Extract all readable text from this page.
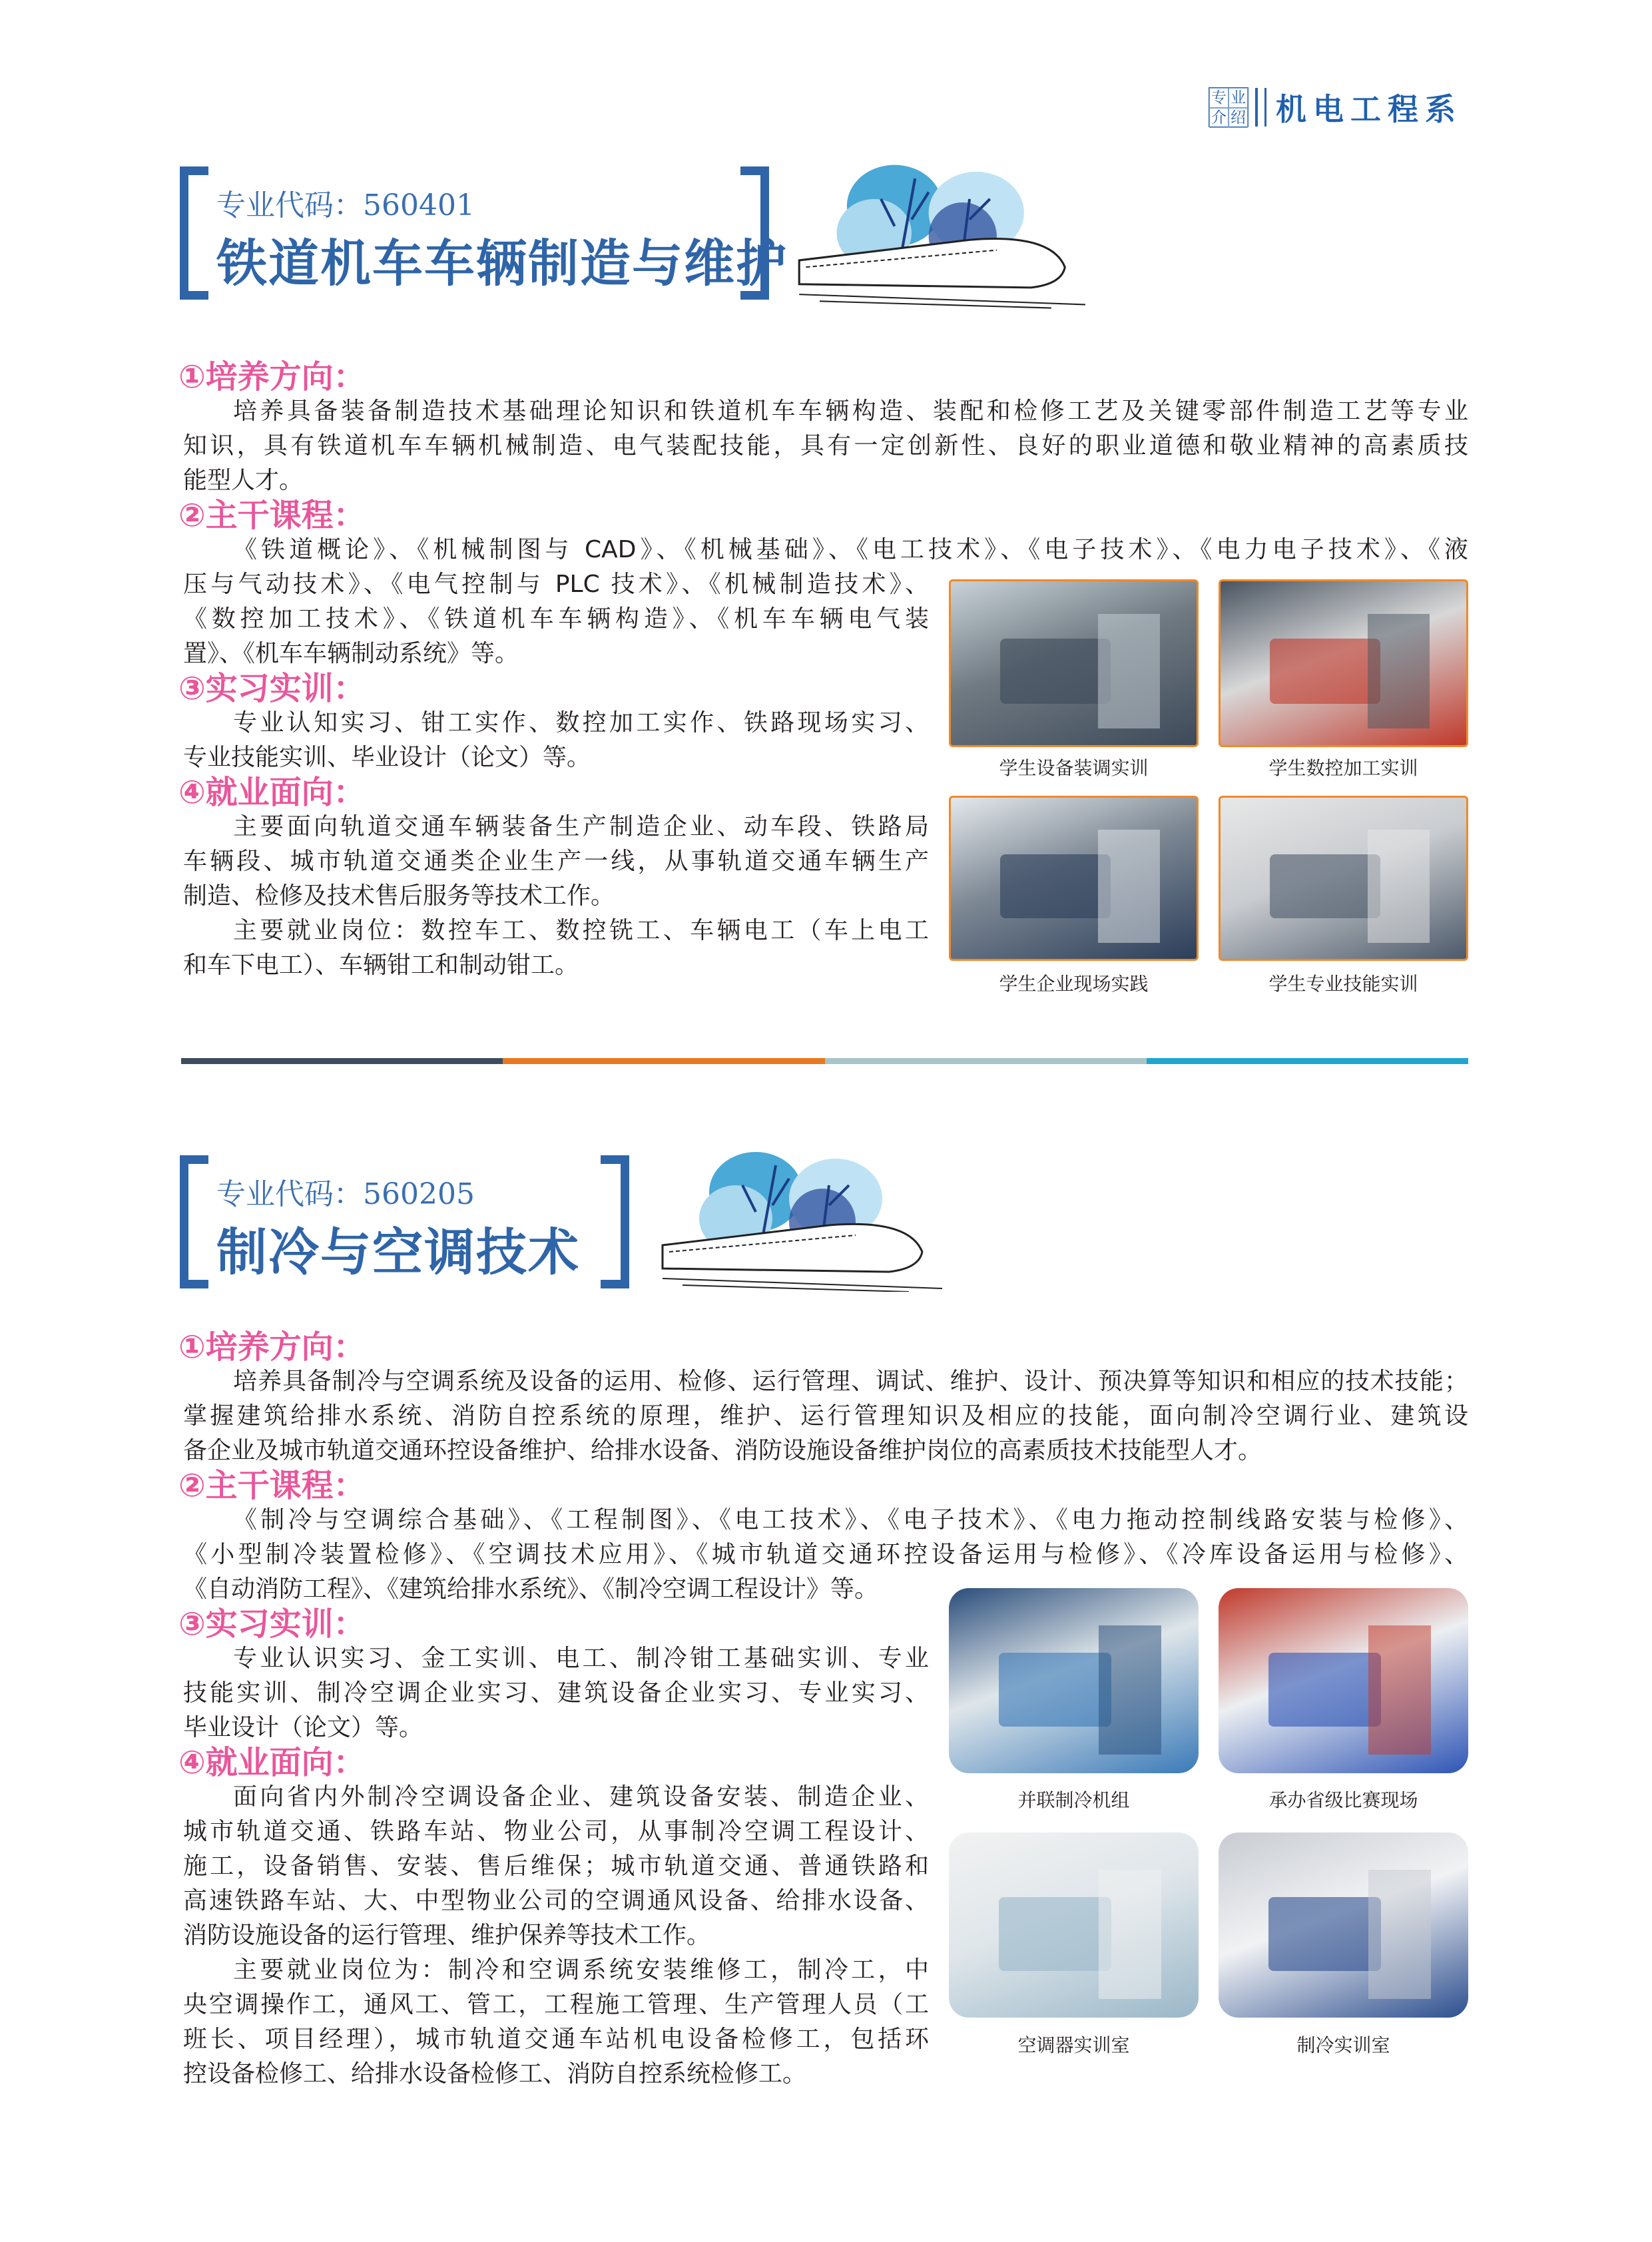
专 业
介 绍 机电工程系
专业代码：560401
铁道机车车辆制造与维护
①培养方向：
培养具备装备制造技术基础理论知识和铁道机车车辆构造、装配和检修工艺及关键零部件制造工艺等专业
知识，具有铁道机车车辆机械制造、电气装配技能，具有一定创新性、良好的职业道德和敬业精神的高素质技
能型人才。
②主干课程：
《铁道概论》、《机械制图与 CAD》、《机械基础》、《电工技术》、《电子技术》、《电力电子技术》、《液
压与气动技术》、《电气控制与 PLC 技术》、《机械制造技术》、
《数控加工技术》、《铁道机车车辆构造》、《机车车辆电气装
置》、《机车车辆制动系统》等。
③实习实训：
专业认知实习、钳工实作、数控加工实作、铁路现场实习、
专业技能实训、毕业设计（论文）等。
④就业面向：
主要面向轨道交通车辆装备生产制造企业、动车段、铁路局
车辆段、城市轨道交通类企业生产一线，从事轨道交通车辆生产
制造、检修及技术售后服务等技术工作。
主要就业岗位：数控车工、数控铣工、车辆电工（车上电工
和车下电工）、车辆钳工和制动钳工。
学生设备装调实训	学生数控加工实训
学生企业现场实践	学生专业技能实训
专业代码：560205
制冷与空调技术
①培养方向：
培养具备制冷与空调系统及设备的运用、检修、运行管理、调试、维护、设计、预决算等知识和相应的技术技能；
掌握建筑给排水系统、消防自控系统的原理，维护、运行管理知识及相应的技能，面向制冷空调行业、建筑设
备企业及城市轨道交通环控设备维护、给排水设备、消防设施设备维护岗位的高素质技术技能型人才。
②主干课程：
《制冷与空调综合基础》、《工程制图》、《电工技术》、《电子技术》、《电力拖动控制线路安装与检修》、
《小型制冷装置检修》、《空调技术应用》、《城市轨道交通环控设备运用与检修》、《冷库设备运用与检修》、
《自动消防工程》、《建筑给排水系统》、《制冷空调工程设计》等。
③实习实训：
专业认识实习、金工实训、电工、制冷钳工基础实训、专业
技能实训、制冷空调企业实习、建筑设备企业实习、专业实习、
毕业设计（论文）等。
④就业面向：
面向省内外制冷空调设备企业、建筑设备安装、制造企业、
城市轨道交通、铁路车站、物业公司，从事制冷空调工程设计、
施工，设备销售、安装、售后维保；城市轨道交通、普通铁路和
高速铁路车站、大、中型物业公司的空调通风设备、给排水设备、
消防设施设备的运行管理、维护保养等技术工作。
主要就业岗位为：制冷和空调系统安装维修工，制冷工，中
央空调操作工，通风工、管工，工程施工管理、生产管理人员（工
班长、项目经理），城市轨道交通车站机电设备检修工，包括环
控设备检修工、给排水设备检修工、消防自控系统检修工。
并联制冷机组	承办省级比赛现场
空调器实训室	制冷实训室
